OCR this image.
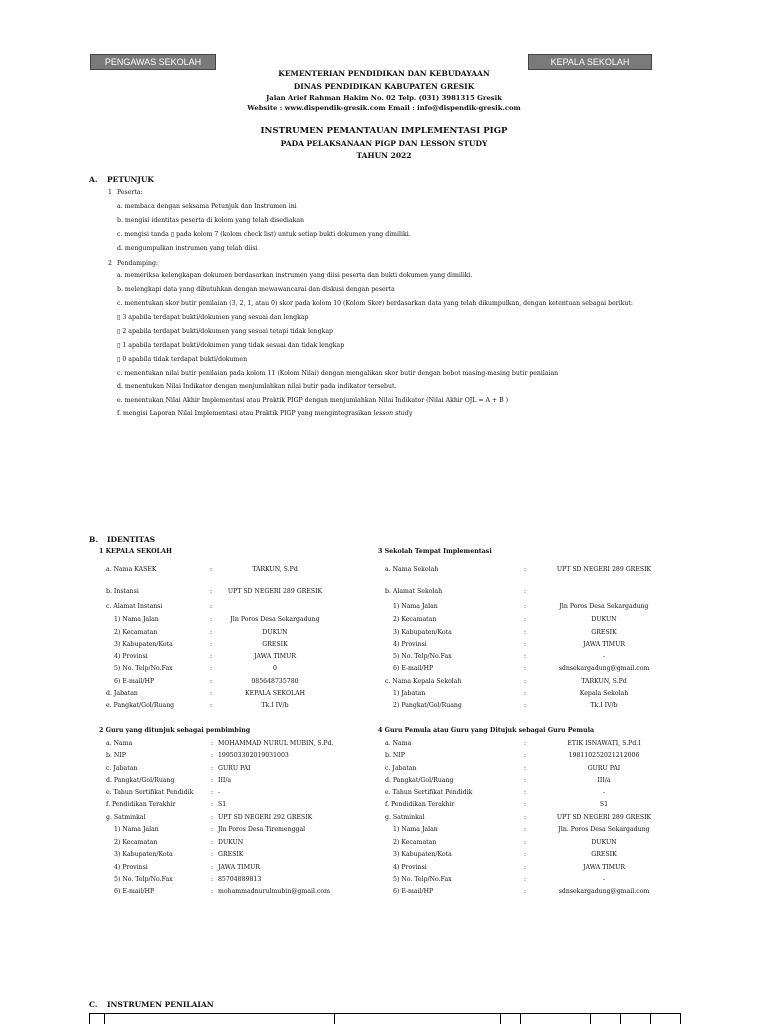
PENGAWAS SEKOLAH	KEPALA SEKOLAH
KEMENTERIAN PENDIDIKAN DAN KEBUDAYAAN
DINAS PENDIDIKAN KABUPATEN GRESIK
Jalan Arief Rahman Hakim No. 02 Telp. (031) 3981315 Gresik
Website : www.dispendik-gresik.com Email : info@dispendik-gresik.com
INSTRUMEN PEMANTAUAN IMPLEMENTASI PIGP
PADA PELAKSANAAN PIGP DAN LESSON STUDY
TAHUN 2022
A. PETUNJUK
1 Peserta:
a. membaca dengan seksama Petunjuk dan Instrumen ini
b. mengisi identitas peserta di kolom yang telah disediakan
c. mengisi tanda ▯ pada kolom 7 (kolom check list) untuk setiap bukti dokumen yang dimiliki.
d. mengumpulkan instrumen yang telah diisi
2 Pendamping:
a. memeriksa kelengkapan dokumen berdasarkan instrumen yang diisi peserta dan bukti dokumen yang dimiliki.
b. melengkapi data yang dibutuhkan dengan mewawancarai dan diskusi dengan peserta
c. menentukan skor butir penilaian (3, 2, 1, atau 0) skor pada kolom 10 (Kolom Skor) berdasarkan data yang telah dikumpulkan, dengan ketentuan sebagai berikut:
▯ 3 apabila terdapat bukti/dokumen yang sesuai dan lengkap
▯ 2 apabila terdapat bukti/dokumen yang sesuai tetapi tidak lengkap
▯ 1 apabila terdapat bukti/dokumen yang tidak sesuai dan tidak lengkap
▯ 0 apabila tidak terdapat bukti/dokumen
c. menentukan nilai butir penilaian pada kolom 11 (Kolom Nilai) dengan mengalikan skor butir dengan bobot masing-masing butir penilaian
d. menentukan Nilai Indikator dengan menjumlahkan nilai butir pada indikator tersebut.
e. menentukan Nilai Akhir Implementasi atau Praktik PIGP dengan menjumlahkan Nilai Indikator (Nilai Akhir OJL = A + B )
f. mengisi Laporan Nilai Implementasi atau Praktik PIGP yang mengintegrasikan lesson study
B. IDENTITAS
1 KEPALA SEKOLAH	3 Sekolah Tempat Implementasi
2 Guru yang ditunjuk sebagai pembimbing	4 Guru Pemula atau Guru yang Ditujuk sebagai Guru Pemula
a. Nama KASEK	:	TARKUN, S.Pd
b. Instansi	:	UPT SD NEGERI 289 GRESIK
c. Alamat Instansi	:
1) Nama Jalan	:	Jln Poros Desa Sekargadung
2) Kecamatan	:	DUKUN
3) Kabupaten/Kota	:	GRESIK
4) Provinsi	:	JAWA TIMUR
5) No. Telp/No.Fax	:	0
6) E-mail/HP	:	085648735780
d. Jabatan	:	KEPALA SEKOLAH
e. Pangkat/Gol/Ruang	:	Tk.I IV/b
a. Nama Sekolah	:	UPT SD NEGERI 289 GRESIK
b. Alamat Sekolah	:
1) Nama Jalan	:	Jln Poros Desa Sekargadung
2) Kecamatan	:	DUKUN
3) Kabupaten/Kota	:	GRESIK
4) Provinsi	:	JAWA TIMUR
5) No. Telp/No.Fax	:	-
6) E-mail/HP	:	sdnsekargadung@gmail.com
c. Nama Kepala Sekolah	:	TARKUN, S.Pd
1) Jabatan	:	Kepala Sekolah
2) Pangkat/Gol/Ruang	:	Tk.I IV/b
a. Nama	: MOHAMMAD NURUL MUBIN, S.Pd.
b. NIP	: 199503302019031003
c. Jabatan	: GURU PAI
d. Pangkat/Gol/Ruang	: III/a
e. Tahun Sertifikat Pendidik	: -
f. Pendidikan Terakhir	: S1
g. Satminkal	: UPT SD NEGERI 292 GRESIK
1) Nama Jalan	: Jln Poros Desa Tiremenggal
2) Kecamatan	: DUKUN
3) Kabupaten/Kota	: GRESIK
4) Provinsi	: JAWA TIMUR
5) No. Telp/No.Fax	: 85704889813
6) E-mail/HP	: mohammadnurulmubin@gmail.com
a. Nama	:	ETIK ISNAWATI, S.Pd.I
b. NIP	:	198110252021212006
c. Jabatan	:	GURU PAI
d. Pangkat/Gol/Ruang	:	III/a
e. Tahun Sertifikat Pendidik	:	-
f. Pendidikan Terakhir	:	S1
g. Satminkal	:	UPT SD NEGERI 289 GRESIK
1) Nama Jalan	:	Jln. Poros Desa Sekargadung
2) Kecamatan	:	DUKUN
3) Kabupaten/Kota	:	GRESIK
4) Provinsi	:	JAWA TIMUR
5) No. Telp/No.Fax	:	-
6) E-mail/HP	:	sdnsekargadung@gmail.com
C. INSTRUMEN PENILAIAN
